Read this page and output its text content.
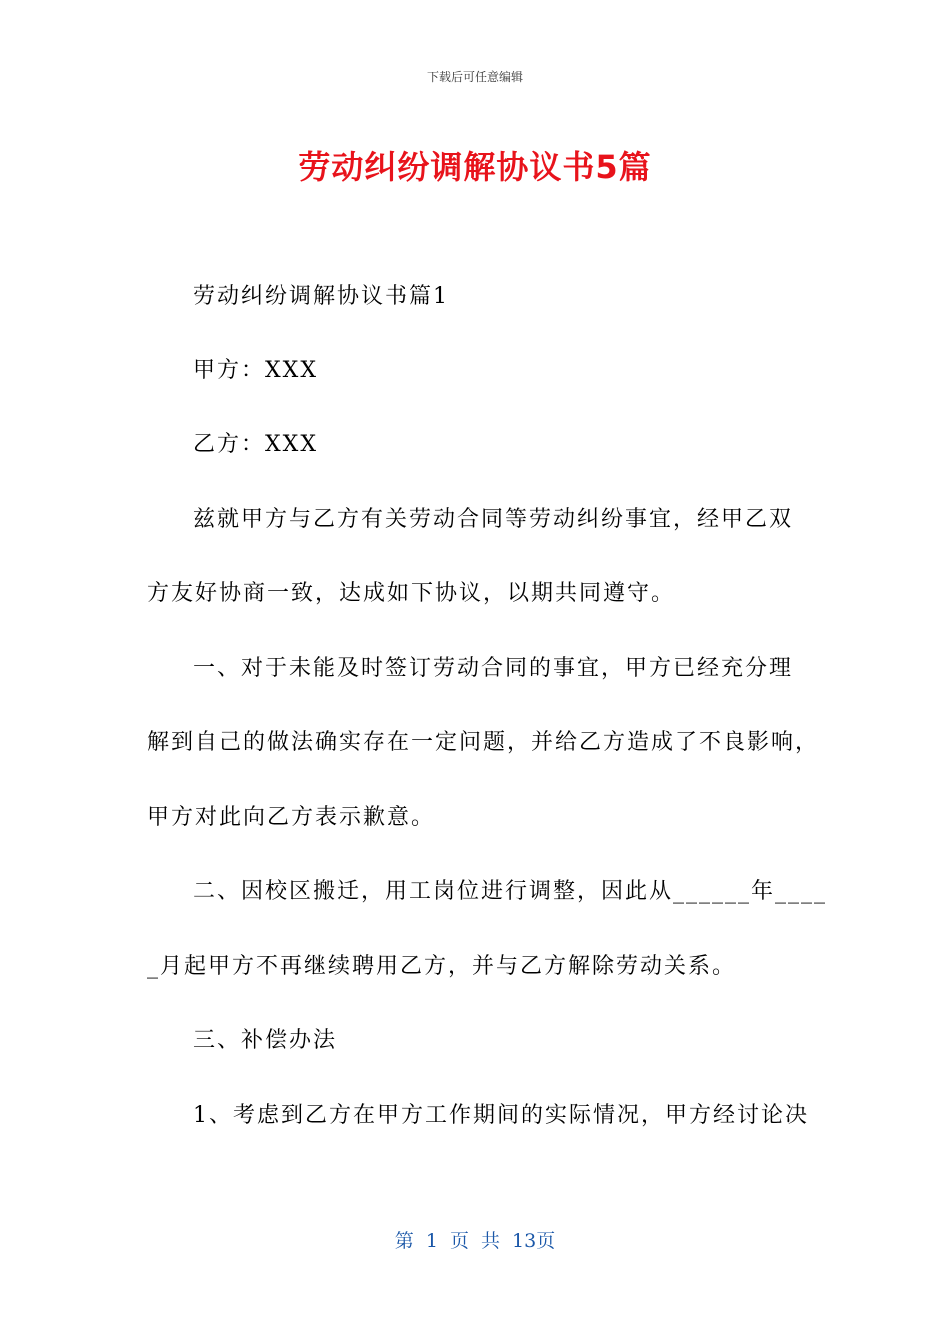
下载后可任意编辑
劳动纠纷调解协议书5篇
劳动纠纷调解协议书篇1
甲方：XXX
乙方：XXX
兹就甲方与乙方有关劳动合同等劳动纠纷事宜，经甲乙双
方友好协商一致，达成如下协议，以期共同遵守。
一、对于未能及时签订劳动合同的事宜，甲方已经充分理
解到自己的做法确实存在一定问题，并给乙方造成了不良影响，
甲方对此向乙方表示歉意。
二、因校区搬迁，用工岗位进行调整，因此从______年____
_月起甲方不再继续聘用乙方，并与乙方解除劳动关系。
三、补偿办法
1、考虑到乙方在甲方工作期间的实际情况，甲方经讨论决
第 1 页 共 13页
